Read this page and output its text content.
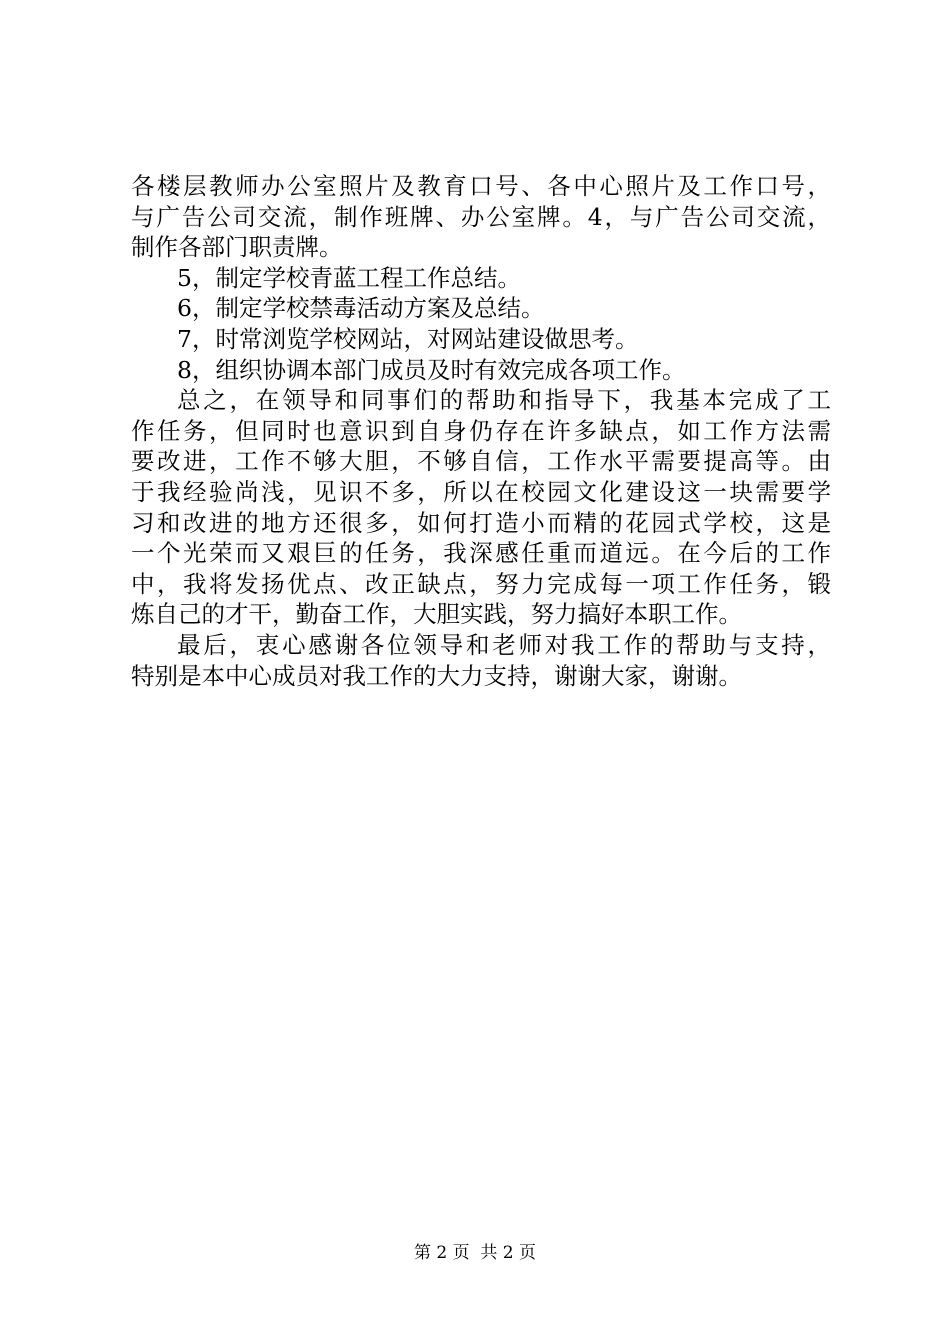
各楼层教师办公室照片及教育口号、各中心照片及工作口号，
与广告公司交流，制作班牌、办公室牌。4，与广告公司交流，
制作各部门职责牌。
5，制定学校青蓝工程工作总结。
6，制定学校禁毒活动方案及总结。
7，时常浏览学校网站，对网站建设做思考。
8，组织协调本部门成员及时有效完成各项工作。
总之，在领导和同事们的帮助和指导下，我基本完成了工
作任务，但同时也意识到自身仍存在许多缺点，如工作方法需
要改进，工作不够大胆，不够自信，工作水平需要提高等。由
于我经验尚浅，见识不多，所以在校园文化建设这一块需要学
习和改进的地方还很多，如何打造小而精的花园式学校，这是
一个光荣而又艰巨的任务，我深感任重而道远。在今后的工作
中，我将发扬优点、改正缺点，努力完成每一项工作任务，锻
炼自己的才干，勤奋工作，大胆实践，努力搞好本职工作。
最后，衷心感谢各位领导和老师对我工作的帮助与支持，
特别是本中心成员对我工作的大力支持，谢谢大家，谢谢。
第 2 页  共 2 页
